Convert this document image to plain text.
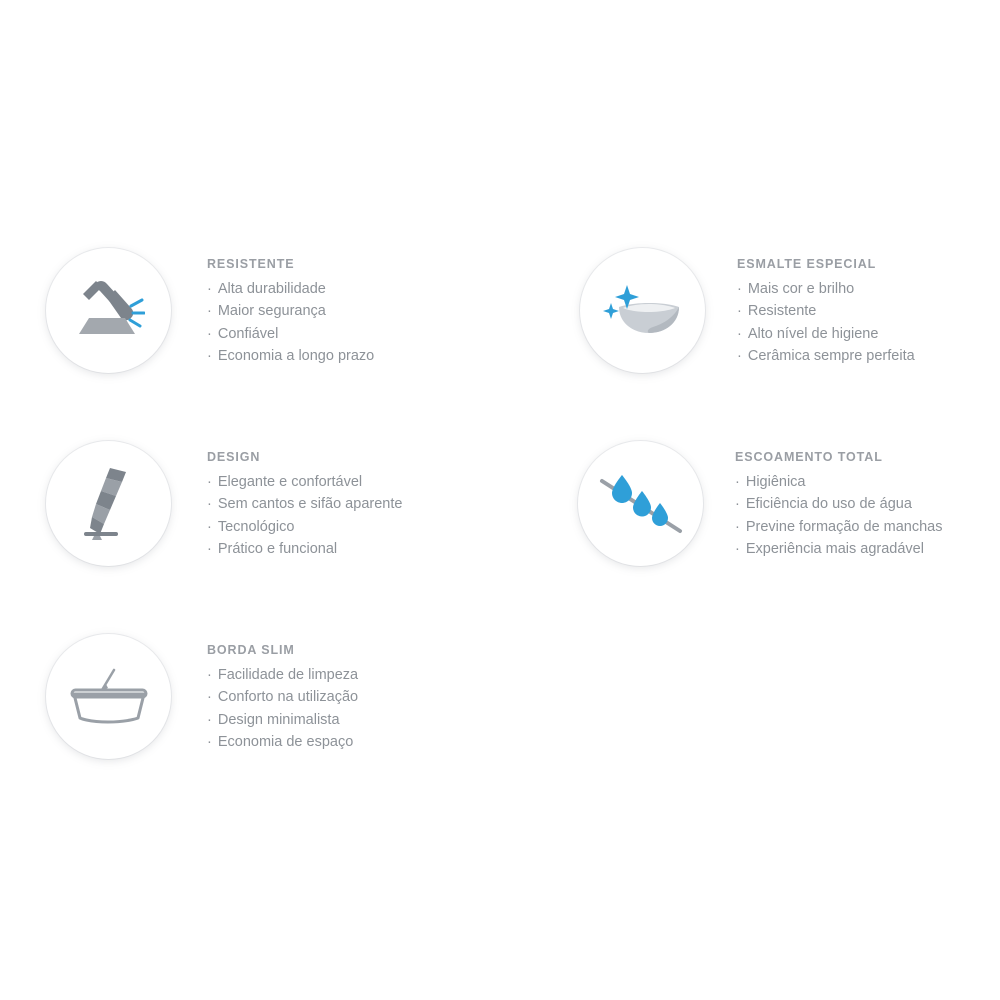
RESISTENTE
· Alta durabilidade
· Maior segurança
· Confiável
· Economia a longo prazo
ESMALTE ESPECIAL
· Mais cor e brilho
· Resistente
· Alto nível de higiene
· Cerâmica sempre perfeita
DESIGN
· Elegante e confortável
· Sem cantos e sifão aparente
· Tecnológico
· Prático e funcional
ESCOAMENTO TOTAL
· Higiênica
· Eficiência do uso de água
· Previne formação de manchas
· Experiência mais agradável
BORDA SLIM
· Facilidade de limpeza
· Conforto na utilização
· Design minimalista
· Economia de espaço
